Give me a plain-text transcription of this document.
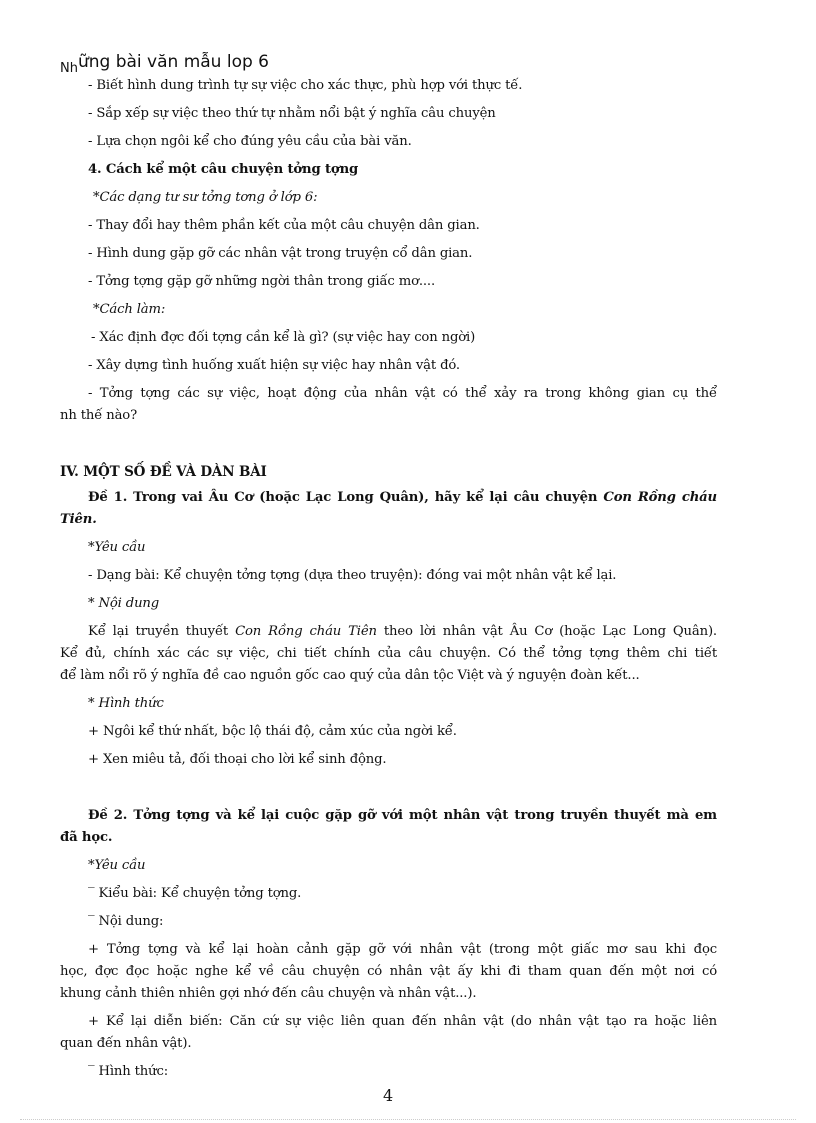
$_{Nh}$ững bài văn mẫu lop 6
- Biết hình dung trình tự sự việc cho xác thực, phù hợp với thực tế.
- Sắp xếp sự việc theo thứ tự nhằm nổi bật ý nghĩa câu chuyện
- Lựa chọn ngôi kể cho đúng yêu cầu của bài văn.
4. Cách kể một câu chuyện tởng tợng
*Các dạng tư sư tởng tơng ở lớp 6:
- Thay đổi hay thêm phần kết của một câu chuyện dân gian.
- Hình dung gặp gỡ các nhân vật trong truyện cổ dân gian.
- Tởng tợng gặp gỡ những ngời thân trong giấc mơ....
*Cách làm:
- Xác định đợc đối tợng cần kể là gì? (sự việc hay con ngời)
- Xây dựng tình huống xuất hiện sự việc hay nhân vật đó.
- Tởng tợng các sự việc, hoạt động của nhân vật có thể xảy ra trong không gian cụ thể
nh thế nào?
IV. MỘT SỐ ĐỀ VÀ DÀN BÀI
Đề 1. Trong vai Âu Cơ (hoặc Lạc Long Quân), hãy kể lại câu chuyện Con Rồng cháu
Tiên.
*Yêu cầu
- Dạng bài: Kể chuyện tởng tợng (dựa theo truyện): đóng vai một nhân vật kể lại.
* Nội dung
Kể lại truyền thuyết Con Rồng cháu Tiên theo lời nhân vật Âu Cơ (hoặc Lạc Long Quân).
Kể đủ, chính xác các sự việc, chi tiết chính của câu chuyện. Có thể tởng tợng thêm chi tiết
để làm nổi rõ ý nghĩa đề cao nguồn gốc cao quý của dân tộc Việt và ý nguyện đoàn kết...
* Hình thức
+ Ngôi kể thứ nhất, bộc lộ thái độ, cảm xúc của ngời kể.
+ Xen miêu tả, đối thoại cho lời kể sinh động.
Đề 2. Tởng tợng và kể lại cuộc gặp gỡ với một nhân vật trong truyền thuyết mà em
đã học.
*Yêu cầu
‾ Kiểu bài: Kể chuyện tởng tợng.
‾ Nội dung:
+ Tởng tợng và kể lại hoàn cảnh gặp gỡ với nhân vật (trong một giấc mơ sau khi đọc
học, đợc đọc hoặc nghe kể về câu chuyện có nhân vật ấy khi đi tham quan đến một nơi có
khung cảnh thiên nhiên gợi nhớ đến câu chuyện và nhân vật...).
+ Kể lại diễn biến: Căn cứ sự việc liên quan đến nhân vật (do nhân vật tạo ra hoặc liên
quan đến nhân vật).
‾ Hình thức:
4
